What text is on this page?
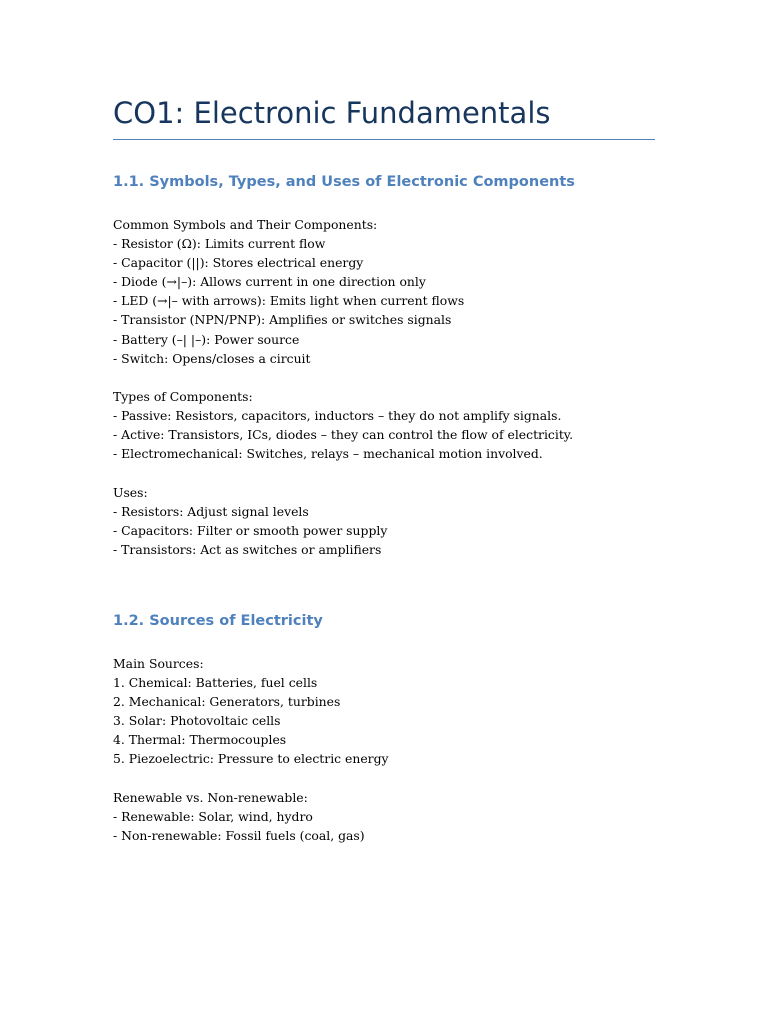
CO1: Electronic Fundamentals
1.1. Symbols, Types, and Uses of Electronic Components
Common Symbols and Their Components:
- Resistor (Ω): Limits current flow
- Capacitor (||): Stores electrical energy
- Diode (→|–): Allows current in one direction only
- LED (→|– with arrows): Emits light when current flows
- Transistor (NPN/PNP): Amplifies or switches signals
- Battery (–| |–): Power source
- Switch: Opens/closes a circuit
Types of Components:
- Passive: Resistors, capacitors, inductors – they do not amplify signals.
- Active: Transistors, ICs, diodes – they can control the flow of electricity.
- Electromechanical: Switches, relays – mechanical motion involved.
Uses:
- Resistors: Adjust signal levels
- Capacitors: Filter or smooth power supply
- Transistors: Act as switches or amplifiers
1.2. Sources of Electricity
Main Sources:
1. Chemical: Batteries, fuel cells
2. Mechanical: Generators, turbines
3. Solar: Photovoltaic cells
4. Thermal: Thermocouples
5. Piezoelectric: Pressure to electric energy
Renewable vs. Non-renewable:
- Renewable: Solar, wind, hydro
- Non-renewable: Fossil fuels (coal, gas)
